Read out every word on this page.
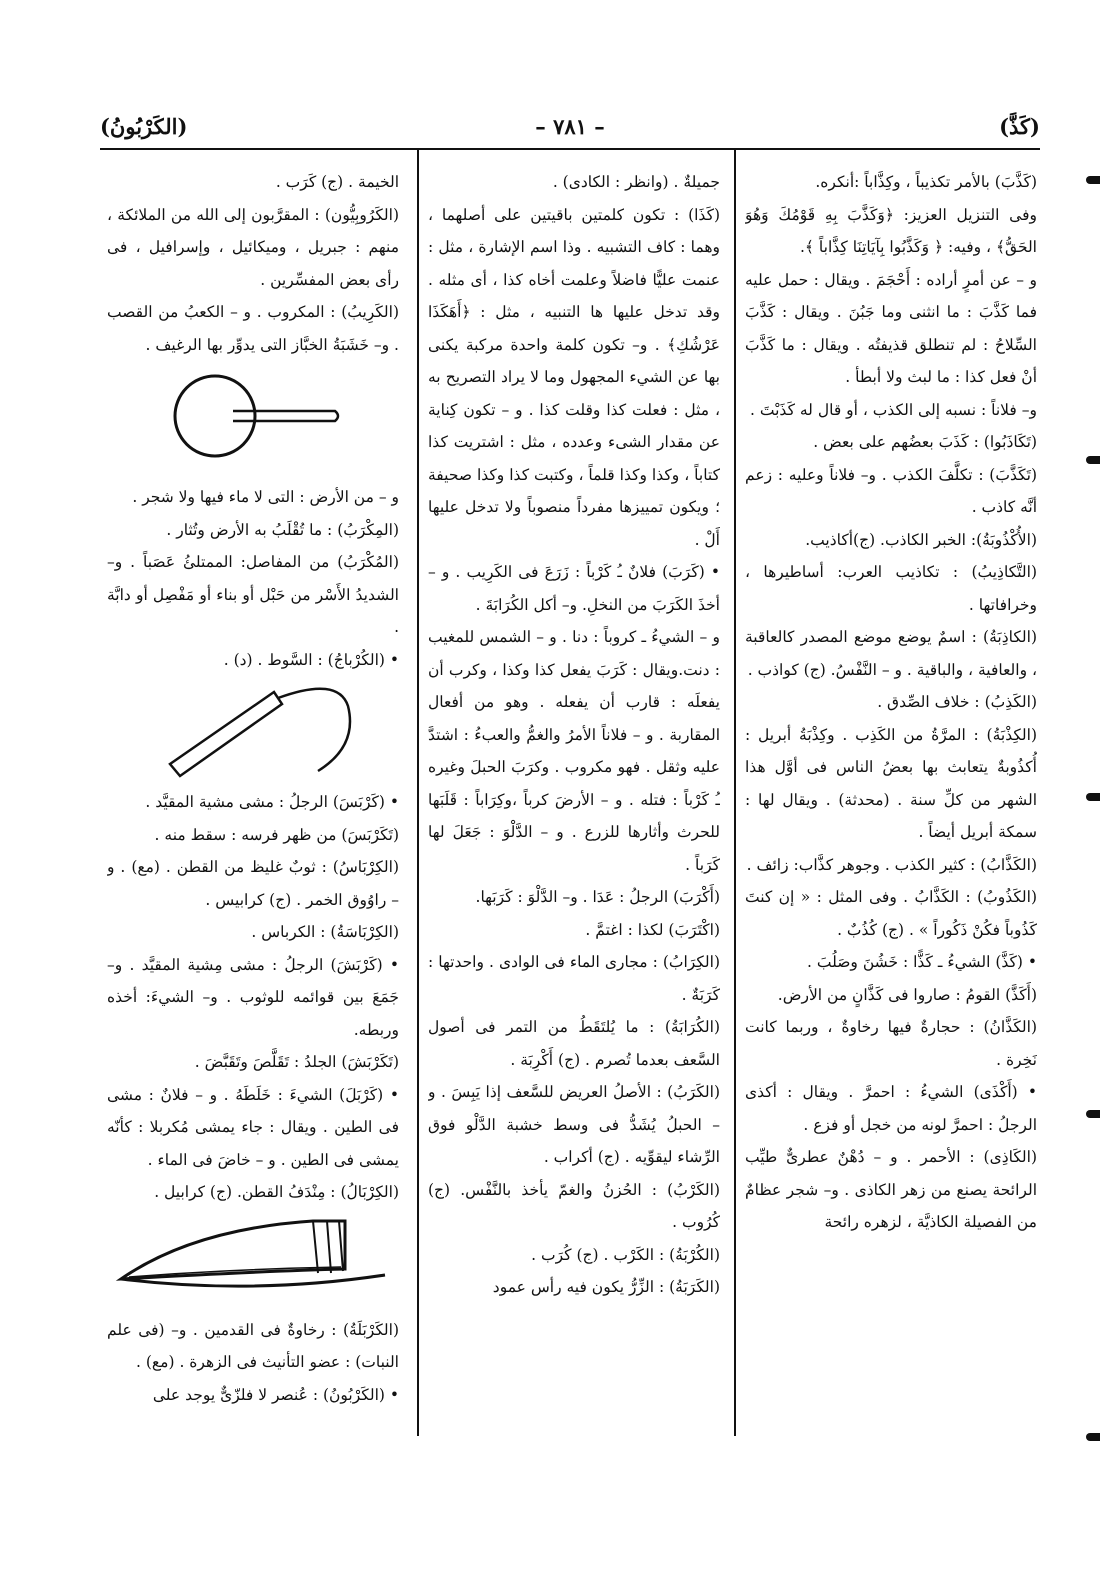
(كَذَّ)
– ٧٨١ –
(الكَرْبُونُ)

(كَذَّبَ) بالأمر تكذيباً ، وكِذَّاباً :أنكره.

وفى التنزيل العزيز: ﴿وَكَذَّبَ بِهِ قَوْمُكَ وَهُوَ الحَقُّ﴾ ، وفيه: ﴿ وَكَذَّبُوا بِآيَاتِنَا كِذَّاباً ﴾.

و – عن أمرٍ أراده : أَحْجَمَ . ويقال : حمل عليه فما كَذَّبَ : ما انثنى وما جَبُنَ . ويقال : كَذَّبَ السِّلاحُ : لم تنطلق قذيفتُه . ويقال : ما كَذَّبَ أنْ فعل كذا : ما لبث ولا أبطأ .

و– فلاناً : نسبه إلى الكذب ، أو قال له كَذَبْتَ .

(تَكَاذَبُوا) : كَذَبَ بعضُهم على بعض .

(تَكَذَّبَ) : تكلَّفَ الكذب . و– فلاناً وعليه : زعم أنَّه كاذب .

(الأُكْذُوبَةُ): الخبر الكاذب. (ج)أكاذيب.

(التَّكاذِيبُ) : تكاذيب العرب: أساطيرها ، وخرافاتها .

(الكاذِبَةُ) : اسمٌ يوضع موضع المصدر كالعاقبة ، والعافية ، والباقية . و – النَّفْسُ. (ج) كواذب .

(الكَذِبُ) : خلاف الصِّدق .

(الكِذْبَةُ) : المرَّةُ من الكَذِب . وكِذْبَةُ أبريل : أُكذُوبةٌ يتعابث بها بعضُ الناس فى أوَّل هذا الشهر من كلِّ سنة . (محدثة) . ويقال لها : سمكة أبريل أيضاً .

(الكَذَّابُ) : كثير الكذب . وجوهر كذَّاب: زائف .

(الكَذُوبُ) : الكَذَّابُ . وفى المثل : « إن كنتَ كَذُوباً فكُنْ ذَكُوراً » . (ج) كُذُبٌ .

• (كَذَّ) الشيءُ ـ كَذًّا : خَشُنَ وصَلُبَ .

(أَكَذَّ) القومُ : صاروا فى كَذَّانٍ من الأرض.

(الكَذَّانُ) : حجارةٌ فيها رخاوةٌ ، وربما كانت نَخِرة .

• (أَكْذَى) الشيءُ : احمرَّ . ويقال : أكذى الرجلُ : احمرَّ لونه من خجل أو فزع .

(الكَاذِى) : الأحمر . و – دُهْنٌ عطرىٌّ طيِّب الرائحة يصنع من زهر الكاذى . و– شجر عظامٌ من الفصيلة الكاذيَّة ، لزهره رائحة

جميلةٌ . (وانظر : الكادى) .

(كَذَا) : تكون كلمتين باقيتين على أصلهما ، وهما : كاف التشبيه . وذا اسم الإشارة ، مثل : عنمت عليًّا فاضلاً وعلمت أخاه كذا ، أى مثله . وقد تدخل عليها ها التنبيه ، مثل : ﴿أَهَكَذَا عَرْشُكِ﴾ . و– تكون كلمة واحدة مركبة يكنى بها عن الشيء المجهول وما لا يراد التصريح به ، مثل : فعلت كذا وقلت كذا . و – تكون كِناية عن مقدار الشىء وعدده ، مثل : اشتريت كذا كتاباً ، وكذا وكذا قلماً ، وكتبت كذا وكذا صحيفة ؛ ويكون تمييزها مفرداً منصوباً ولا تدخل عليها أَلْ .

• (كَرَبَ) فلانٌ ـُ كَرْباً : زَرَعَ فى الكَرِيب . و – أخذَ الكَرَبَ من النخلِ. و– أكل الكُرَابَةَ .

و – الشيءُ ـ كروباً : دنا . و – الشمس للمغيب : دنت.ويقال : كَرَبَ يفعل كذا وكذا ، وكرب أن يفعلَه : قارب أن يفعله . وهو من أفعال المقاربة . و – فلاناً الأمرُ والغمُّ والعبءُ : اشتدَّ عليه وثقل . فهو مكروب . وكرَبَ الحبلَ وغيره ـُ كَرْباً : فتله . و – الأرضَ كرباً ،وكِرَاباً : قَلَبَها للحرث وأثارها للزرع . و – الدَّلْوَ : جَعَلَ لها كَرَباً .

(أَكْرَبَ) الرجلُ : عَدَا . و– الدَّلْوَ : كَرَبَها.

(اكْتَرَبَ) لكذا : اغتمَّ .

(الكِرَابُ) : مجارى الماء فى الوادى . واحدتها : كَرَبَةٌ .

(الكُرَابَةُ) : ما يُلتَقَطُ من التمر فى أصول السَّعف بعدما تُصرم . (ج) أَكْرِبَة .

(الكَرَبُ) : الأصلُ العريض للسَّعف إذا يَبِسَ . و – الحبلُ يُشَدُّ فى وسط خشبة الدَّلْو فوق الرِّشاء ليقوِّيه . (ج) أكراب .

(الكَرْبُ) : الحُزنُ والغمّ يأخذ بالنَّفْس. (ج) كُرُوب .

(الكُرْبَةُ) : الكَرْب . (ج) كُرَب .

(الكَرَبَةُ) : الزِّرُّ يكون فيه رأس عمود

الخيمة . (ج) كَرَب .

(الكَرُوبِيُّون) : المقرَّبون إلى الله من الملائكة ، منهم : جبريل ، وميكائيل ، وإسرافيل ، فى رأى بعض المفسِّرين .

(الكَرِيبُ) : المكروب . و – الكعبُ من القصب . و– خَشَبَةُ الخبَّاز التى يدوِّر بها الرغيف .

و – من الأرض : التى لا ماء فيها ولا شجر .

(المِكْرَبُ) : ما تُقْلَبُ به الأرض وتُثار .

(المُكْرَبُ) من المفاصل: الممتلئُ عَصَباً . و– الشديدُ الأَسْر من حَبْل أو بناء أو مَفْصِل أو دابَّة .

• (الكُرْباجُ) : السَّوط . (د) .

• (كَرْبَسَ) الرجلُ : مشى مشية المقيَّد .

(تَكَرْبَسَ) من ظهر فرسه : سقط منه .

(الكِرْبَاسُ) : ثوبٌ غليظ من القطن . (مع) . و – راوُوق الخمر . (ج) كرابيس .

(الكِرْبَاسَةُ) : الكرباس .

• (كَرْبَشَ) الرجلُ : مشى مِشية المقيَّد . و– جَمَعَ بين قوائمه للوثوب . و– الشيءَ: أخذه وربطه.

(تَكَرْبَشَ) الجلدُ : تَقَلَّصَ وتَقَبَّضَ .

• (كَرْبَلَ) الشيءَ : خَلَطَهُ . و – فلانٌ : مشى فى الطين . ويقال : جاء يمشى مُكربلا : كأنّه يمشى فى الطين . و – خاضَ فى الماء .

(الكِرْبَالُ) : مِنْدَفُ القطن. (ج) كرابيل .

(الكَرْبَلَةُ) : رخاوةٌ فى القدمين . و– (فى علم النبات) : عضو التأنيث فى الزهرة . (مع) .

• (الكَرْبُونُ) : عُنصر لا فلزّىٌّ يوجد على
